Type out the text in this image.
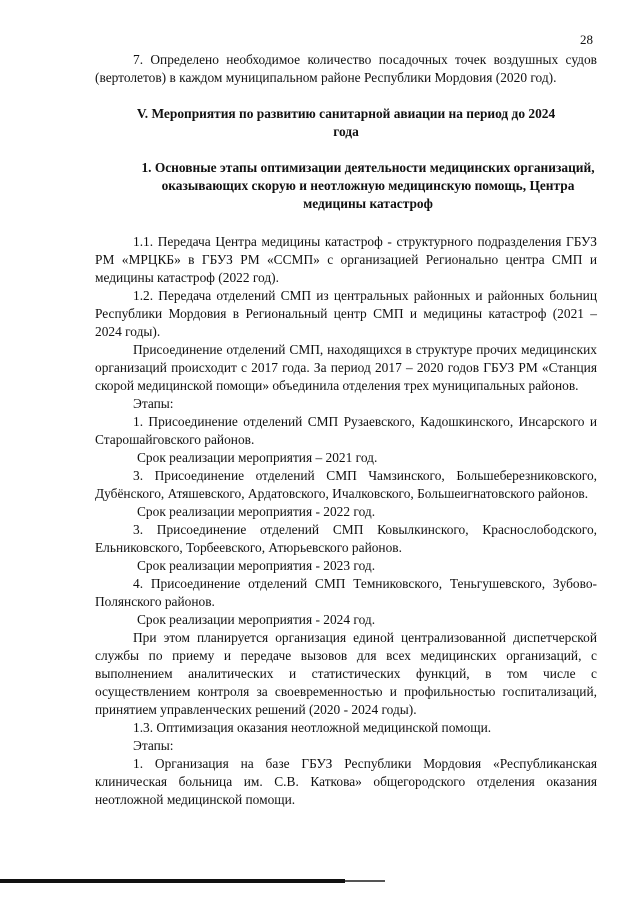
28

7. Определено необходимое количество посадочных точек воздушных судов (вертолетов) в каждом муниципальном районе Республики Мордовия (2020 год).

V. Мероприятия по развитию санитарной авиации на период до 2024 года

1. Основные этапы оптимизации деятельности медицинских организаций, оказывающих скорую и неотложную медицинскую помощь, Центра медицины катастроф

1.1. Передача Центра медицины катастроф - структурного подразделения ГБУЗ РМ «МРЦКБ» в ГБУЗ РМ «ССМП» с организацией Регионально центра СМП и медицины катастроф (2022 год).

1.2. Передача отделений СМП из центральных районных и районных больниц Республики Мордовия в Региональный центр СМП и медицины катастроф (2021 – 2024 годы).

Присоединение отделений СМП, находящихся в структуре прочих медицинских организаций происходит с 2017 года. За период 2017 – 2020 годов ГБУЗ РМ «Станция скорой медицинской помощи» объединила отделения трех муниципальных районов.

Этапы:

1. Присоединение отделений СМП Рузаевского, Кадошкинского, Инсарского и Старошайговского районов.

Срок реализации мероприятия – 2021 год.

3. Присоединение отделений СМП Чамзинского, Большеберезниковского, Дубёнского, Атяшевского, Ардатовского, Ичалковского, Большеигнатовского районов.

Срок реализации мероприятия - 2022 год.

3. Присоединение отделений СМП Ковылкинского, Краснослободского, Ельниковского, Торбеевского, Атюрьевского районов.

Срок реализации мероприятия - 2023 год.

4. Присоединение отделений СМП Темниковского, Теньгушевского, Зубово-Полянского районов.

Срок реализации мероприятия - 2024 год.

При этом планируется организация единой централизованной диспетчерской службы по приему и передаче вызовов для всех медицинских организаций, с выполнением аналитических и статистических функций, в том числе с осуществлением контроля за своевременностью и профильностью госпитализаций, принятием управленческих решений (2020 - 2024 годы).

1.3. Оптимизация оказания неотложной медицинской помощи.

Этапы:

1. Организация на базе ГБУЗ Республики Мордовия «Республиканская клиническая больница им. С.В. Каткова» общегородского отделения оказания неотложной медицинской помощи.
